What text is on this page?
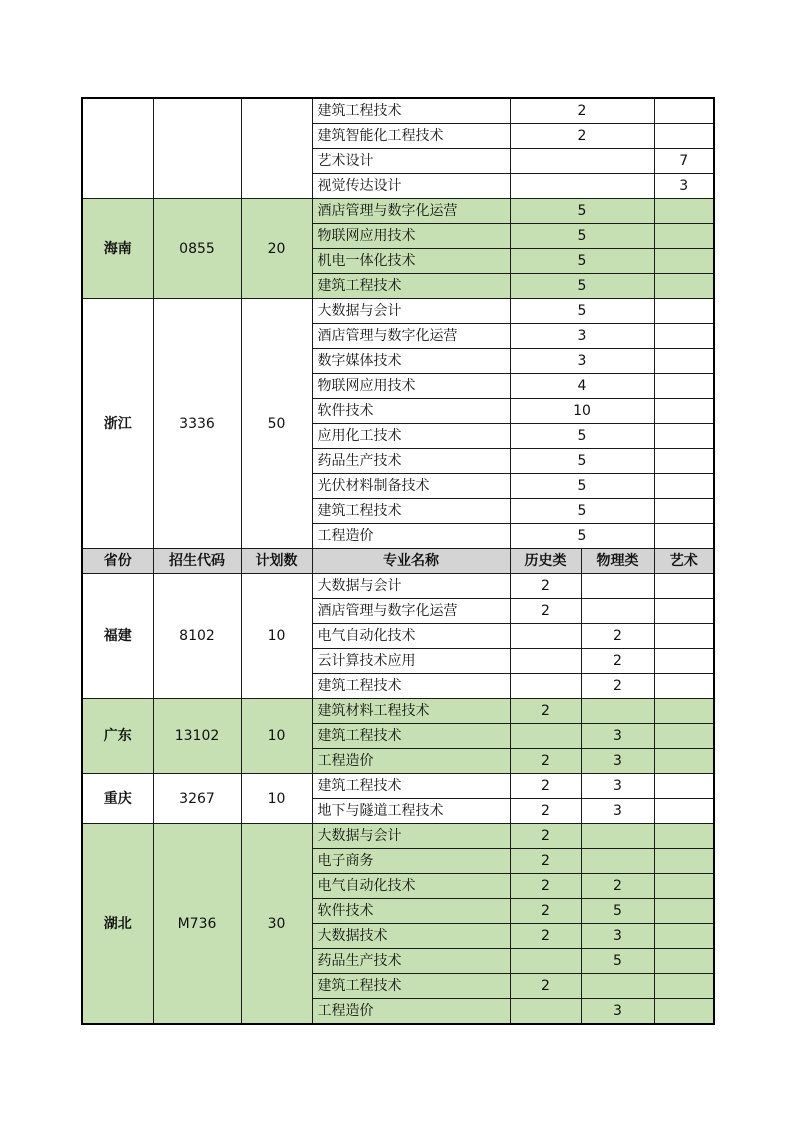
			建筑工程技术	2		
			建筑智能化工程技术	2		
			艺术设计			7
			视觉传达设计			3
海南	0855	20	酒店管理与数字化运营	5		
			物联网应用技术	5		
			机电一体化技术	5		
			建筑工程技术	5		
浙江	3336	50	大数据与会计	5		
			酒店管理与数字化运营	3		
			数字媒体技术	3		
			物联网应用技术	4		
			软件技术	10		
			应用化工技术	5		
			药品生产技术	5		
			光伏材料制备技术	5		
			建筑工程技术	5		
			工程造价	5		
省份	招生代码	计划数	专业名称	历史类	物理类	艺术
福建	8102	10	大数据与会计	2		
			酒店管理与数字化运营	2		
			电气自动化技术		2	
			云计算技术应用		2	
			建筑工程技术		2	
广东	13102	10	建筑材料工程技术	2		
			建筑工程技术		3	
			工程造价	2	3	
重庆	3267	10	建筑工程技术	2	3	
			地下与隧道工程技术	2	3	
湖北	M736	30	大数据与会计	2		
			电子商务	2		
			电气自动化技术	2	2	
			软件技术	2	5	
			大数据技术	2	3	
			药品生产技术		5	
			建筑工程技术	2		
			工程造价		3	
